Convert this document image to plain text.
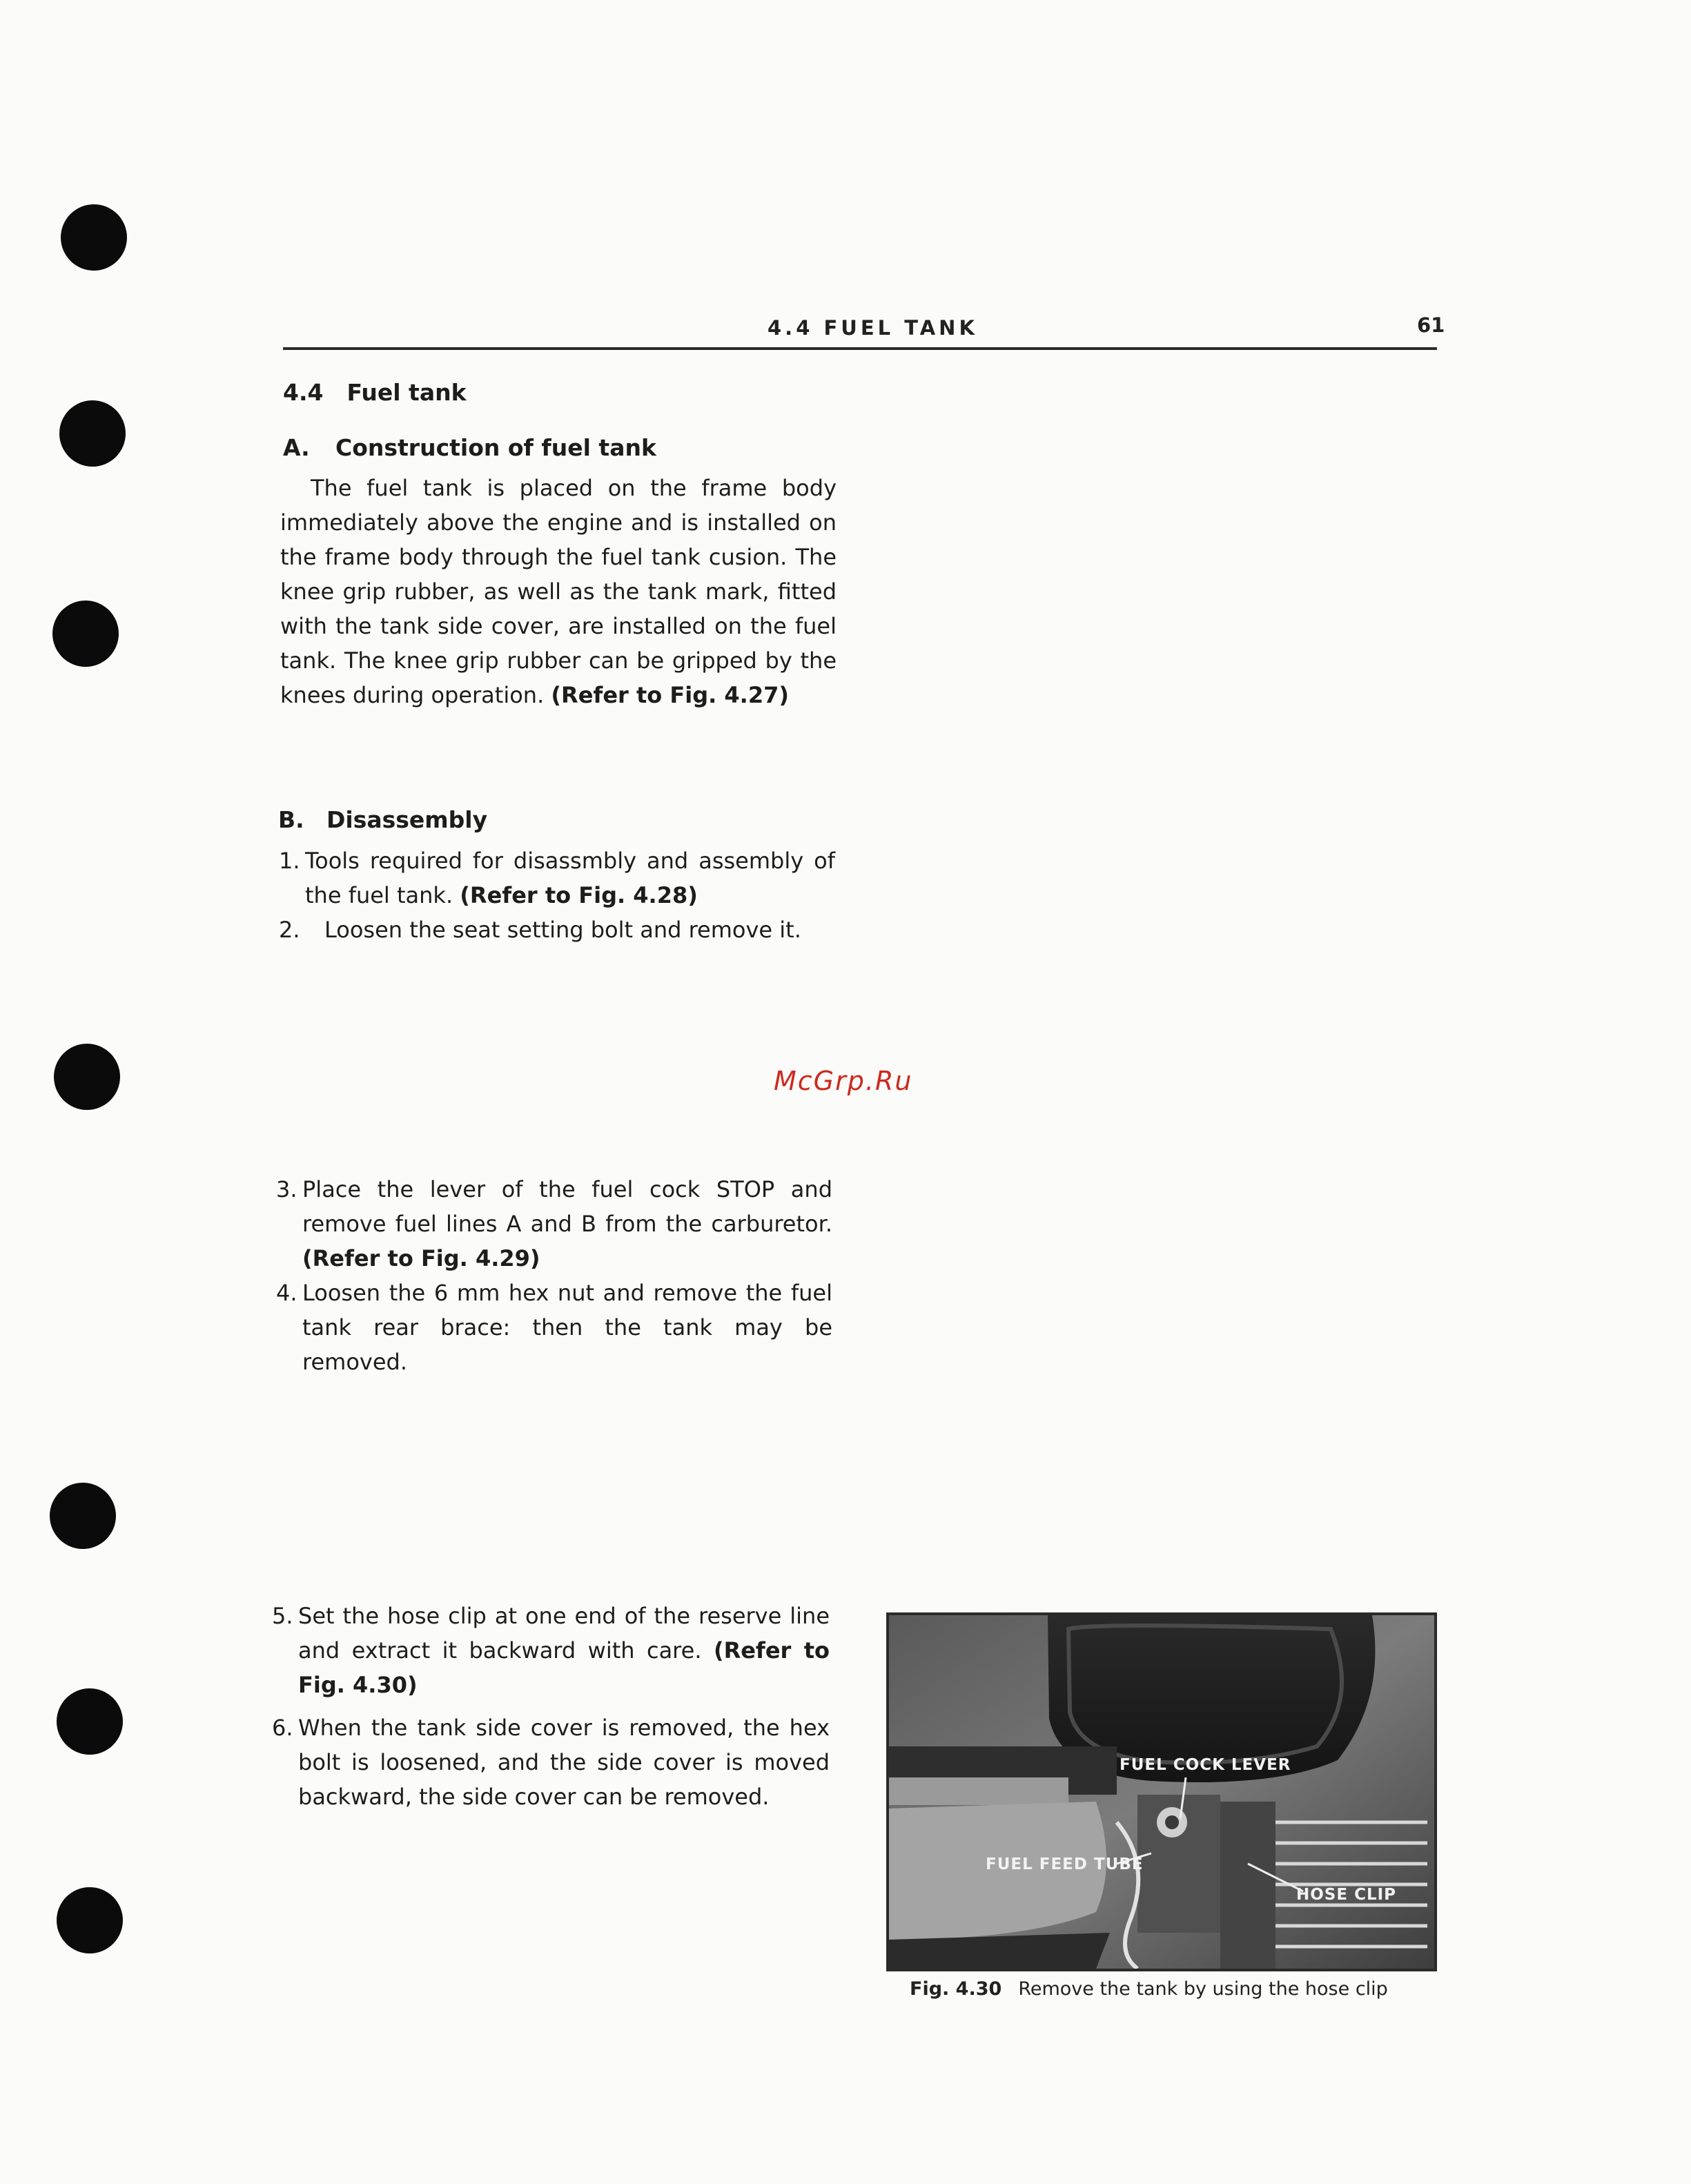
4.4 FUEL TANK	61
4.4 Fuel tank
A. Construction of fuel tank

The fuel tank is placed on the frame body immediately above the engine and is installed on the frame body through the fuel tank cusion. The knee grip rubber, as well as the tank mark, fitted with the tank side cover, are installed on the fuel tank. The knee grip rubber can be gripped by the knees during operation. (Refer to Fig. 4.27)

B. Disassembly
1. Tools required for disassmbly and assembly of the fuel tank. (Refer to Fig. 4.28)
2. Loosen the seat setting bolt and remove it.
McGrp.Ru
3. Place the lever of the fuel cock STOP and remove fuel lines A and B from the carburetor. (Refer to Fig. 4.29)
4. Loosen the 6 mm hex nut and remove the fuel tank rear brace: then the tank may be removed.
5. Set the hose clip at one end of the reserve line and extract it backward with care. (Refer to Fig. 4.30)
6. When the tank side cover is removed, the hex bolt is loosened, and the side cover is moved backward, the side cover can be removed.
FUEL COCK LEVER
FUEL FEED TUBE
HOSE CLIP
Fig. 4.30 Remove the tank by using the hose clip
